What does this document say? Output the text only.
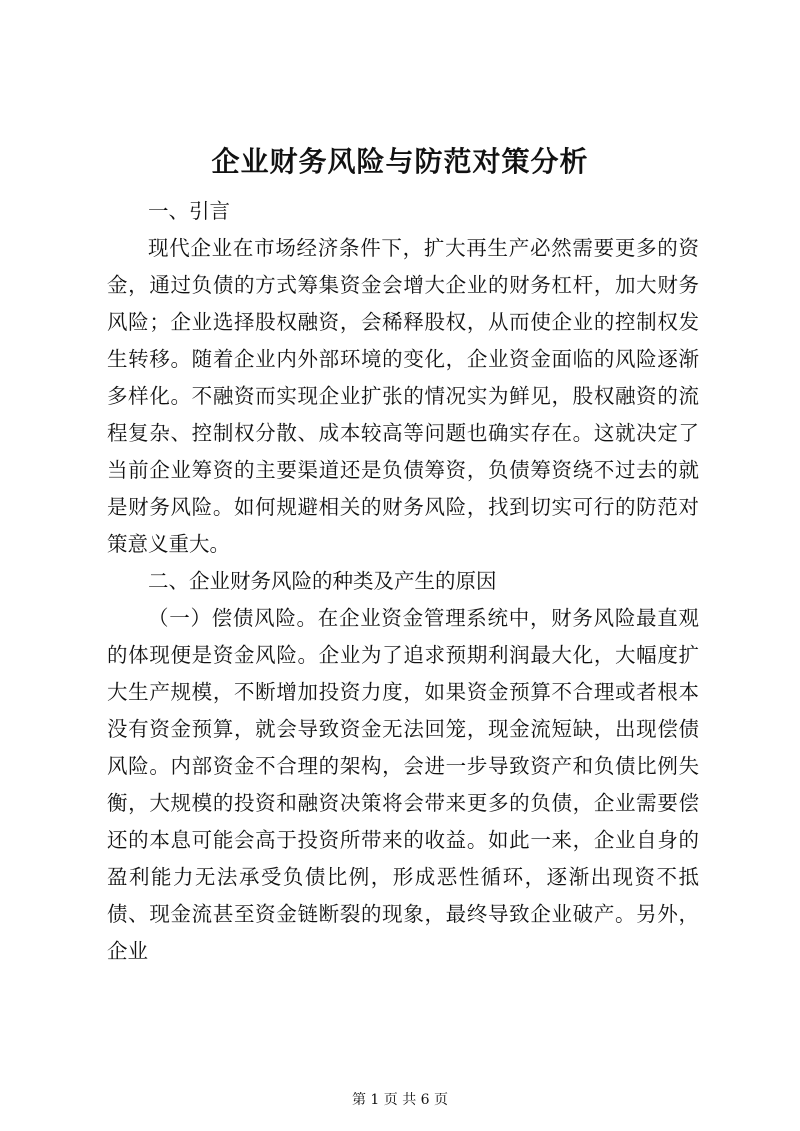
企业财务风险与防范对策分析

一、引言

现代企业在市场经济条件下，扩大再生产必然需要更多的资金，通过负债的方式筹集资金会增大企业的财务杠杆，加大财务风险；企业选择股权融资，会稀释股权，从而使企业的控制权发生转移。随着企业内外部环境的变化，企业资金面临的风险逐渐多样化。不融资而实现企业扩张的情况实为鲜见，股权融资的流程复杂、控制权分散、成本较高等问题也确实存在。这就决定了当前企业筹资的主要渠道还是负债筹资，负债筹资绕不过去的就是财务风险。如何规避相关的财务风险，找到切实可行的防范对策意义重大。

二、企业财务风险的种类及产生的原因

（一）偿债风险。在企业资金管理系统中，财务风险最直观的体现便是资金风险。企业为了追求预期利润最大化，大幅度扩大生产规模，不断增加投资力度，如果资金预算不合理或者根本没有资金预算，就会导致资金无法回笼，现金流短缺，出现偿债风险。内部资金不合理的架构，会进一步导致资产和负债比例失衡，大规模的投资和融资决策将会带来更多的负债，企业需要偿还的本息可能会高于投资所带来的收益。如此一来，企业自身的盈利能力无法承受负债比例，形成恶性循环，逐渐出现资不抵债、现金流甚至资金链断裂的现象，最终导致企业破产。另外，企业

第 1 页 共 6 页
